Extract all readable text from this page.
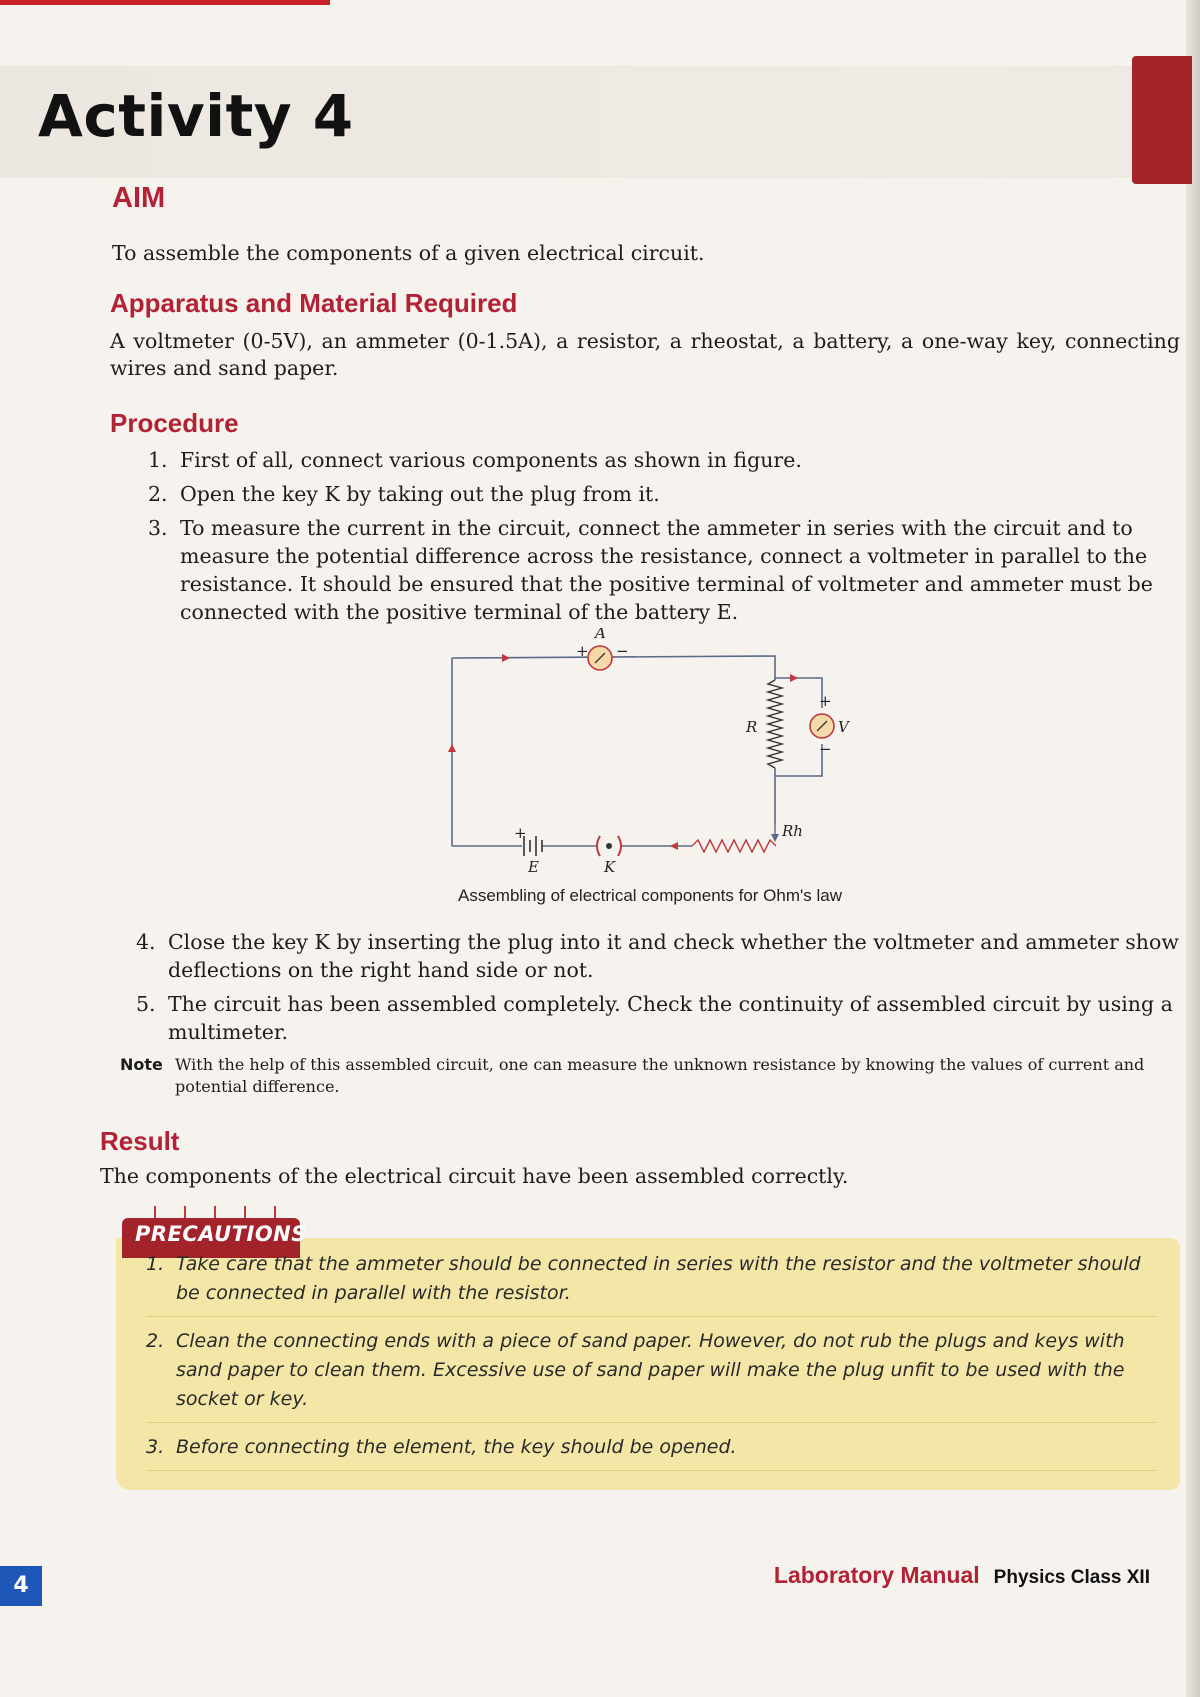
Activity 4
AIM

To assemble the components of a given electrical circuit.

Apparatus and Material Required

A voltmeter (0-5V), an ammeter (0-1.5A), a resistor, a rheostat, a battery, a one-way key, connecting wires and sand paper.

Procedure
1. First of all, connect various components as shown in figure.
2. Open the key K by taking out the plug from it.
3. To measure the current in the circuit, connect the ammeter in series with the circuit and to measure the potential difference across the resistance, connect a voltmeter in parallel to the resistance. It should be ensured that the positive terminal of voltmeter and ammeter must be connected with the positive terminal of the battery E.
A
+ −
V
+
−
R
Rh
E
+
K

Assembling of electrical components for Ohm's law

4. Close the key K by inserting the plug into it and check whether the voltmeter and ammeter show deflections on the right hand side or not.
5. The circuit has been assembled completely. Check the continuity of assembled circuit by using a multimeter.

Note With the help of this assembled circuit, one can measure the unknown resistance by knowing the values of current and potential difference.

Result

The components of the electrical circuit have been assembled correctly.

PRECAUTIONS

1. Take care that the ammeter should be connected in series with the resistor and the voltmeter should be connected in parallel with the resistor.
2. Clean the connecting ends with a piece of sand paper. However, do not rub the plugs and keys with sand paper to clean them. Excessive use of sand paper will make the plug unfit to be used with the socket or key.
3. Before connecting the element, the key should be opened.

4	Laboratory Manual Physics Class XII
